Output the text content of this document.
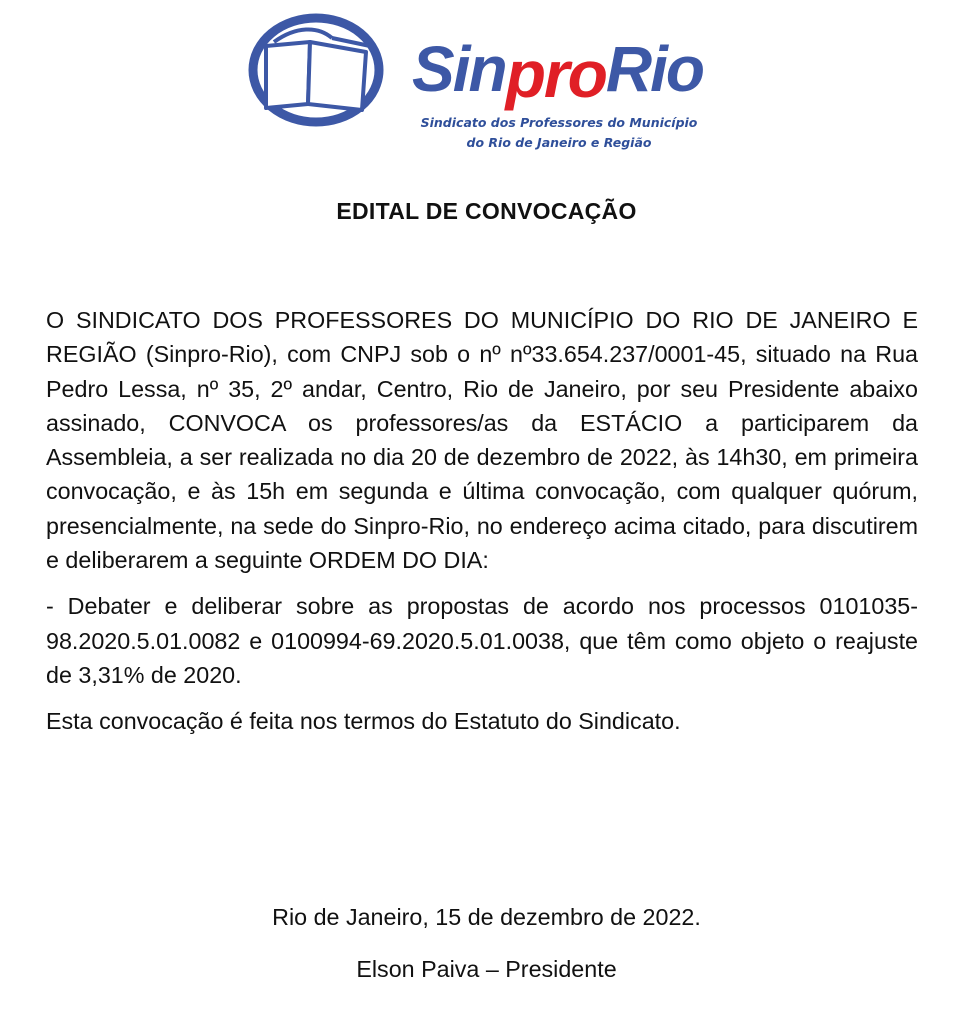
SinproRio
Sindicato dos Professores do Município
do Rio de Janeiro e Região
EDITAL DE CONVOCAÇÃO

O SINDICATO DOS PROFESSORES DO MUNICÍPIO DO RIO DE JANEIRO E REGIÃO (Sinpro-Rio), com CNPJ sob o nº nº33.654.237/0001-45, situado na Rua Pedro Lessa, nº 35, 2º andar, Centro, Rio de Janeiro, por seu Presidente abaixo assinado, CONVOCA os professores/as da ESTÁCIO a participarem da Assembleia, a ser realizada no dia 20 de dezembro de 2022, às 14h30, em primeira convocação, e às 15h em segunda e última convocação, com qualquer quórum, presencialmente, na sede do Sinpro-Rio, no endereço acima citado, para discutirem e deliberarem a seguinte ORDEM DO DIA:

- Debater e deliberar sobre as propostas de acordo nos processos 0101035-98.2020.5.01.0082 e 0100994-69.2020.5.01.0038, que têm como objeto o reajuste de 3,31% de 2020.

Esta convocação é feita nos termos do Estatuto do Sindicato.

Rio de Janeiro, 15 de dezembro de 2022.
Elson Paiva – Presidente
